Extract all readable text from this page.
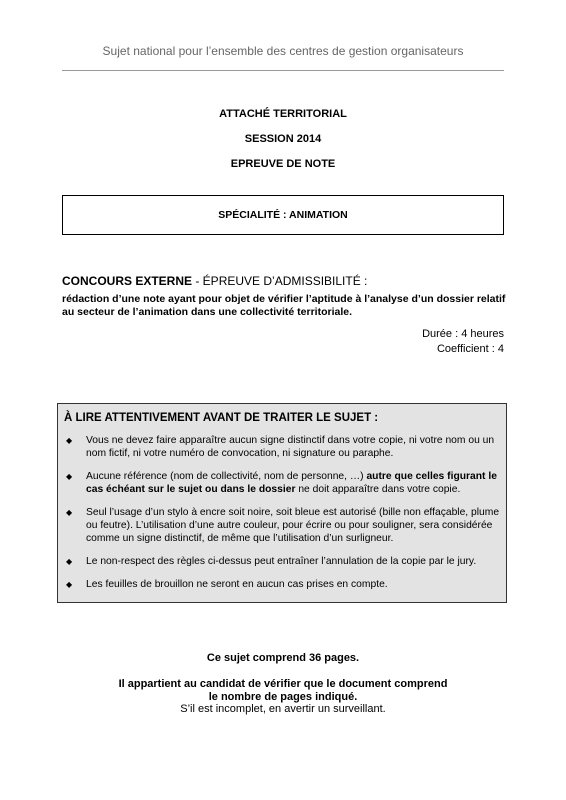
Sujet national pour l’ensemble des centres de gestion organisateurs
ATTACHÉ TERRITORIAL
SESSION 2014
EPREUVE DE NOTE
SPÉCIALITÉ : ANIMATION
CONCOURS EXTERNE - ÉPREUVE D’ADMISSIBILITÉ :
rédaction d’une note ayant pour objet de vérifier l’aptitude à l’analyse d’un dossier relatif au secteur de l’animation dans une collectivité territoriale.
Durée : 4 heures
Coefficient : 4
À LIRE ATTENTIVEMENT AVANT DE TRAITER LE SUJET :
◆	Vous ne devez faire apparaître aucun signe distinctif dans votre copie, ni votre nom ou un nom fictif, ni votre numéro de convocation, ni signature ou paraphe.
◆	Aucune référence (nom de collectivité, nom de personne, …) autre que celles figurant le cas échéant sur le sujet ou dans le dossier ne doit apparaître dans votre copie.
◆	Seul l’usage d’un stylo à encre soit noire, soit bleue est autorisé (bille non effaçable, plume ou feutre). L’utilisation d’une autre couleur, pour écrire ou pour souligner, sera considérée comme un signe distinctif, de même que l’utilisation d’un surligneur.
◆	Le non-respect des règles ci-dessus peut entraîner l’annulation de la copie par le jury.
◆	Les feuilles de brouillon ne seront en aucun cas prises en compte.
Ce sujet comprend 36 pages.
Il appartient au candidat de vérifier que le document comprend
le nombre de pages indiqué.
S’il est incomplet, en avertir un surveillant.
